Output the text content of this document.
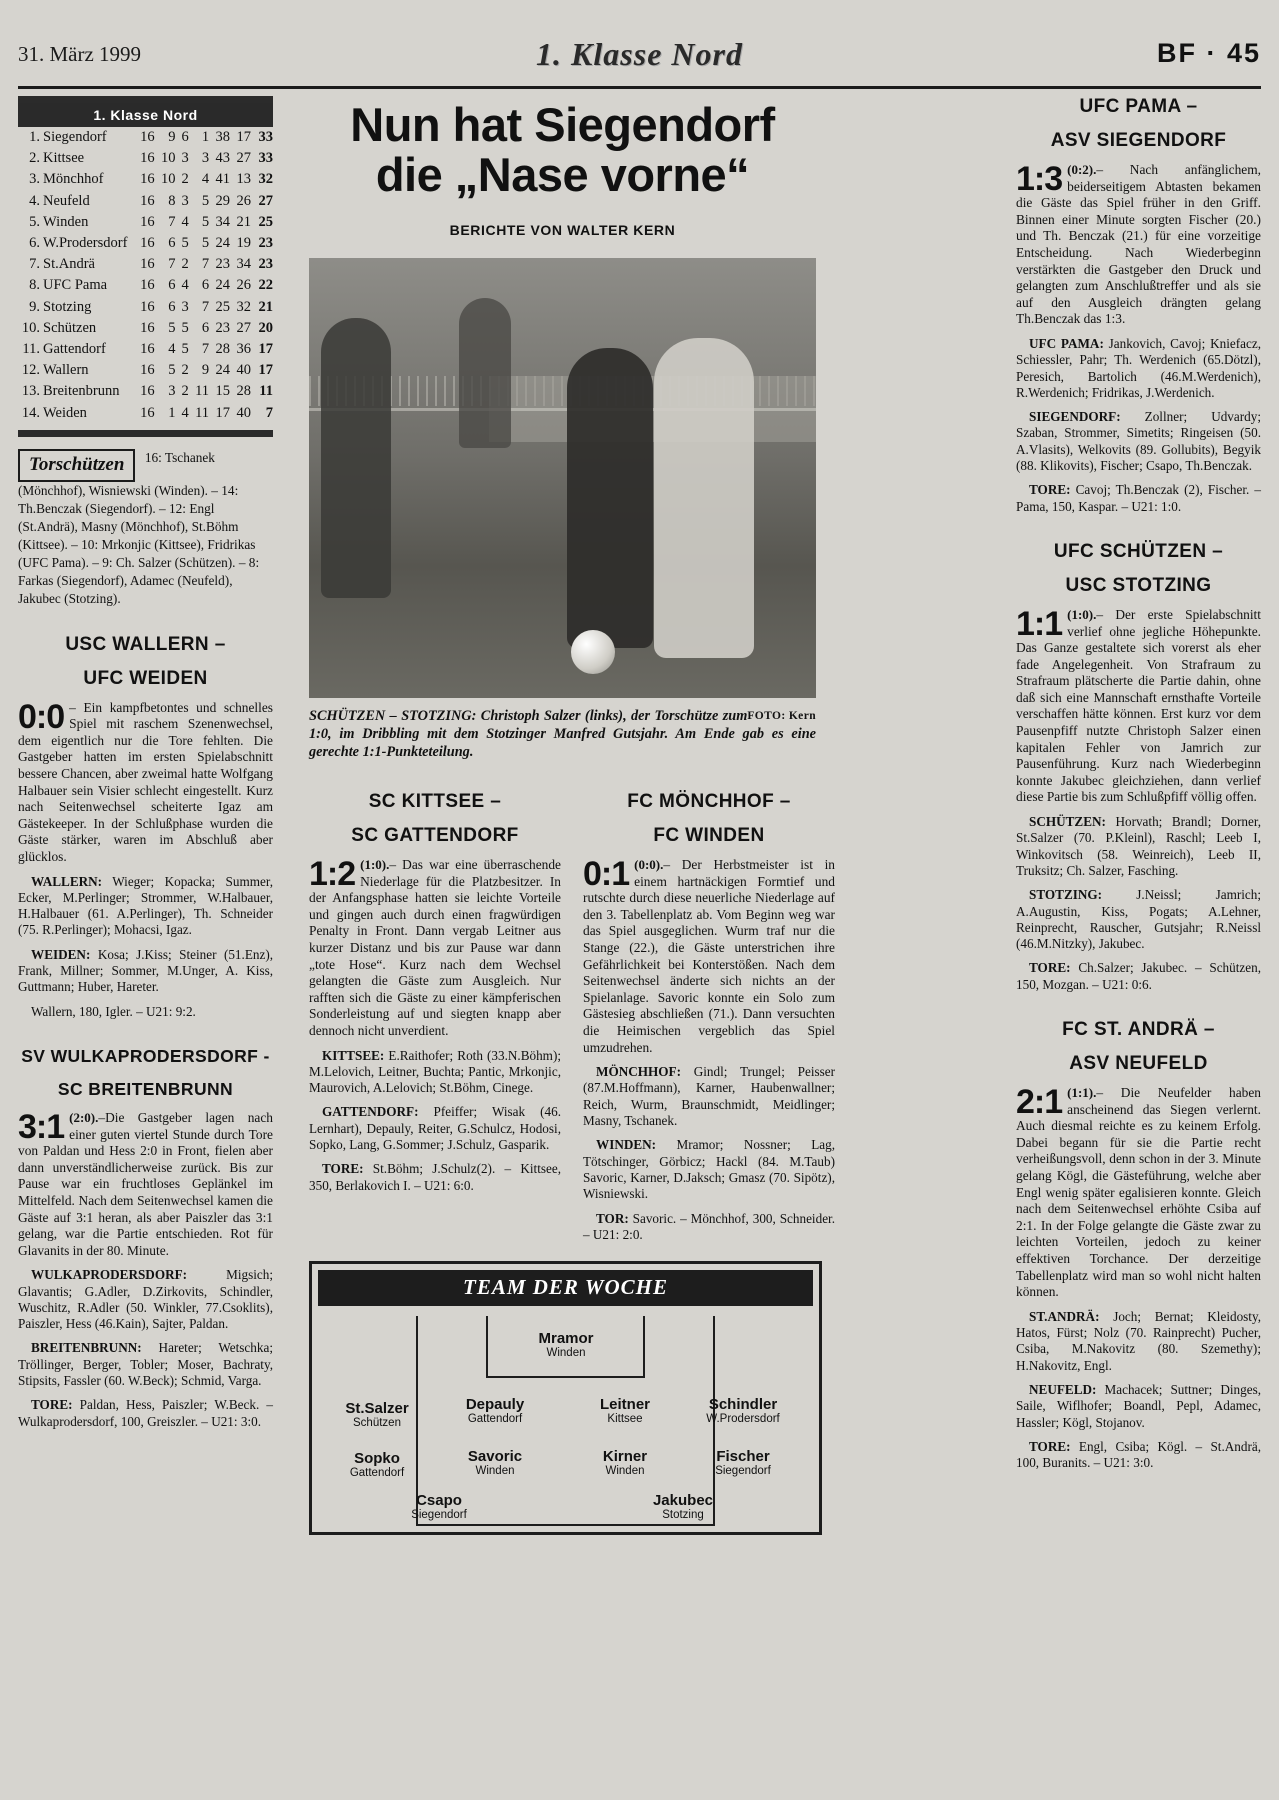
31. März 1999	1. Klasse Nord	BF · 45
1. Klasse Nord
1.	Siegendorf	16	9	6	1	38	17	33
2.	Kittsee	16	10	3	3	43	27	33
3.	Mönchhof	16	10	2	4	41	13	32
4.	Neufeld	16	8	3	5	29	26	27
5.	Winden	16	7	4	5	34	21	25
6.	W.Prodersdorf	16	6	5	5	24	19	23
7.	St.Andrä	16	7	2	7	23	34	23
8.	UFC Pama	16	6	4	6	24	26	22
9.	Stotzing	16	6	3	7	25	32	21
10.	Schützen	16	5	5	6	23	27	20
11.	Gattendorf	16	4	5	7	28	36	17
12.	Wallern	16	5	2	9	24	40	17
13.	Breitenbrunn	16	3	2	11	15	28	11
14.	Weiden	16	1	4	11	17	40	7
Torschützen 16: Tschanek (Mönchhof), Wisniewski (Winden). – 14: Th.Benczak (Siegendorf). – 12: Engl (St.Andrä), Masny (Mönchhof), St.Böhm (Kittsee). – 10: Mrkonjic (Kittsee), Fridrikas (UFC Pama). – 9: Ch. Salzer (Schützen). – 8: Farkas (Siegendorf), Adamec (Neufeld), Jakubec (Stotzing).
USC WALLERN –
UFC WEIDEN
0:0 – Ein kampfbetontes und schnelles Spiel mit raschem Szenenwechsel, dem eigentlich nur die Tore fehlten. Die Gastgeber hatten im ersten Spielabschnitt bessere Chancen, aber zweimal hatte Wolfgang Halbauer sein Visier schlecht eingestellt. Kurz nach Seitenwechsel scheiterte Igaz am Gästekeeper. In der Schlußphase wurden die Gäste stärker, waren im Abschluß aber glücklos.
WALLERN: Wieger; Kopacka; Summer, Ecker, M.Perlinger; Strommer, W.Halbauer, H.Halbauer (61. A.Perlinger), Th. Schneider (75. R.Perlinger); Mohacsi, Igaz.
WEIDEN: Kosa; J.Kiss; Steiner (51.Enz), Frank, Millner; Sommer, M.Unger, A. Kiss, Guttmann; Huber, Hareter.
Wallern, 180, Igler. – U21: 9:2.
SV WULKAPRODERSDORF -
SC BREITENBRUNN
3:1 (2:0).–Die Gastgeber lagen nach einer guten viertel Stunde durch Tore von Paldan und Hess 2:0 in Front, fielen aber dann unverständlicherweise zurück. Bis zur Pause war ein fruchtloses Geplänkel im Mittelfeld. Nach dem Seitenwechsel kamen die Gäste auf 3:1 heran, als aber Paiszler das 3:1 gelang, war die Partie entschieden. Rot für Glavanits in der 80. Minute.
WULKAPRODERSDORF:	Migsich; Glavantis; G.Adler, D.Zirkovits, Schindler, Wuschitz, R.Adler (50. Winkler, 77.Csoklits), Paiszler, Hess (46.Kain), Sajter, Paldan.
BREITENBRUNN: Hareter; Wetschka; Tröllinger, Berger, Tobler; Moser, Bachraty, Stipsits, Fassler (60. W.Beck); Schmid, Varga.
TORE: Paldan, Hess, Paiszler; W.Beck. – Wulkaprodersdorf, 100, Greiszler. – U21: 3:0.
Nun hat Siegendorf
die „Nase vorne“
BERICHTE VON WALTER KERN
FOTO: Kern
SCHÜTZEN – STOTZING: Christoph Salzer (links), der Torschütze zum 1:0, im Dribbling mit dem Stotzinger Manfred Gutsjahr. Am Ende gab es eine gerechte 1:1-Punkteteilung.
SC KITTSEE –
SC GATTENDORF
1:2 (1:0).– Das war eine überraschende Niederlage für die Platzbesitzer. In der Anfangsphase hatten sie leichte Vorteile und gingen auch durch einen fragwürdigen Penalty in Front. Dann vergab Leitner aus kurzer Distanz und bis zur Pause war dann „tote Hose“. Kurz nach dem Wechsel gelangten die Gäste zum Ausgleich. Nur rafften sich die Gäste zu einer kämpferischen Sonderleistung auf und siegten knapp aber dennoch nicht unverdient.
KITTSEE: E.Raithofer; Roth (33.N.Böhm); M.Lelovich, Leitner, Buchta; Pantic, Mrkonjic, Maurovich, A.Lelovich; St.Böhm, Cinege.
GATTENDORF: Pfeiffer; Wisak (46. Lernhart), Depauly, Reiter, G.Schulcz, Hodosi, Sopko, Lang, G.Sommer; J.Schulz, Gasparik.
TORE: St.Böhm; J.Schulz(2). – Kittsee, 350, Berlakovich I. – U21: 6:0.
FC MÖNCHHOF –
FC WINDEN
0:1 (0:0).– Der Herbstmeister ist in einem hartnäckigen Formtief und rutschte durch diese neuerliche Niederlage auf den 3. Tabellenplatz ab. Vom Beginn weg war das Spiel ausgeglichen. Wurm traf nur die Stange (22.), die Gäste unterstrichen ihre Gefährlichkeit bei Konterstößen. Nach dem Seitenwechsel änderte sich nichts an der Spielanlage. Savoric konnte ein Solo zum Gästesieg abschließen (71.). Dann versuchten die Heimischen vergeblich das Spiel umzudrehen.
MÖNCHHOF: Gindl; Trungel; Peisser (87.M.Hoffmann), Karner, Haubenwallner; Reich, Wurm, Braunschmidt, Meidlinger; Masny, Tschanek.
WINDEN: Mramor; Nossner; Lag, Tötschinger, Görbicz; Hackl (84. M.Taub) Savoric, Karner, D.Jaksch; Gmasz (70. Sipötz), Wisniewski.
TOR: Savoric. – Mönchhof, 300, Schneider. – U21: 2:0.
TEAM DER WOCHE
Mramor
Winden
St.Salzer
Schützen
Depauly
Gattendorf
Leitner
Kittsee
Schindler
W.Prodersdorf
Sopko
Gattendorf
Savoric
Winden
Kirner
Winden
Fischer
Siegendorf
Csapo
Siegendorf
Jakubec
Stotzing
UFC PAMA –
ASV SIEGENDORF
1:3 (0:2).– Nach anfänglichem, beiderseitigem Abtasten bekamen die Gäste das Spiel früher in den Griff. Binnen einer Minute sorgten Fischer (20.) und Th. Benczak (21.) für eine vorzeitige Entscheidung. Nach Wiederbeginn verstärkten die Gastgeber den Druck und gelangten zum Anschlußtreffer und als sie auf den Ausgleich drängten gelang Th.Benczak das 1:3.
UFC PAMA: Jankovich, Cavoj; Kniefacz, Schiessler, Pahr; Th. Werdenich (65.Dötzl), Peresich, Bartolich (46.M.Werdenich), R.Werdenich; Fridrikas, J.Werdenich.
SIEGENDORF: Zollner; Udvardy; Szaban, Strommer, Simetits; Ringeisen (50. A.Vlasits), Welkovits (89. Gollubits), Begyik (88. Klikovits), Fischer; Csapo, Th.Benczak.
TORE: Cavoj; Th.Benczak (2), Fischer. – Pama, 150, Kaspar. – U21: 1:0.
UFC SCHÜTZEN –
USC STOTZING
1:1 (1:0).– Der erste Spielabschnitt verlief ohne jegliche Höhepunkte. Das Ganze gestaltete sich vorerst als eher fade Angelegenheit. Von Strafraum zu Strafraum plätscherte die Partie dahin, ohne daß sich eine Mannschaft ernsthafte Vorteile verschaffen hätte können. Erst kurz vor dem Pausenpfiff nutzte Christoph Salzer einen kapitalen Fehler von Jamrich zur Pausenführung. Kurz nach Wiederbeginn konnte Jakubec gleichziehen, dann verlief diese Partie bis zum Schlußpfiff völlig offen.
SCHÜTZEN: Horvath; Brandl; Dorner, St.Salzer (70. P.Kleinl), Raschl; Leeb I, Winkovitsch (58. Weinreich), Leeb II, Truksitz; Ch. Salzer, Fasching.
STOTZING:	J.Neissl; Jamrich; A.Augustin, Kiss, Pogats; A.Lehner, Reinprecht, Rauscher, Gutsjahr; R.Neissl (46.M.Nitzky), Jakubec.
TORE: Ch.Salzer; Jakubec. – Schützen, 150, Mozgan. – U21: 0:6.
FC ST. ANDRÄ –
ASV NEUFELD
2:1 (1:1).– Die Neufelder haben anscheinend das Siegen verlernt. Auch diesmal reichte es zu keinem Erfolg. Dabei begann für sie die Partie recht verheißungsvoll, denn schon in der 3. Minute gelang Kögl, die Gästeführung, welche aber Engl wenig später egalisieren konnte. Gleich nach dem Seitenwechsel erhöhte Csiba auf 2:1. In der Folge gelangte die Gäste zwar zu leichten Vorteilen, jedoch zu keiner effektiven Torchance. Der derzeitige Tabellenplatz wird man so wohl nicht halten können.
ST.ANDRÄ: Joch; Bernat; Kleidosty, Hatos, Fürst; Nolz (70. Rainprecht) Pucher, Csiba, M.Nakovitz (80. Szemethy); H.Nakovitz, Engl.
NEUFELD: Machacek; Suttner; Dinges, Saile, Wiflhofer; Boandl, Pepl, Adamec, Hassler; Kögl, Stojanov.
TORE: Engl, Csiba; Kögl. – St.Andrä, 100, Buranits. – U21: 3:0.
